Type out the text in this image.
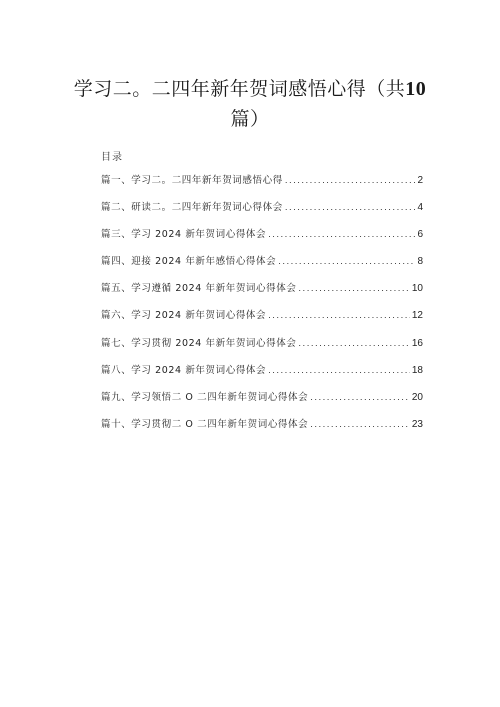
学习二。二四年新年贺词感悟心得（共10
篇）
目录
篇一、学习二。二四年新年贺词感悟心得 .....	2
篇二、研读二。二四年新年贺词心得体会 .....	4
篇三、学习 2024 新年贺词心得体会 .....	6
篇四、迎接 2024 年新年感悟心得体会 .....	8
篇五、学习遵循 2024 年新年贺词心得体会 .....	10
篇六、学习 2024 新年贺词心得体会 .....	12
篇七、学习贯彻 2024 年新年贺词心得体会 .....	16
篇八、学习 2024 新年贺词心得体会 .....	18
篇九、学习领悟二 O 二四年新年贺词心得体会 .....	20
篇十、学习贯彻二 O 二四年新年贺词心得体会 .....	23
